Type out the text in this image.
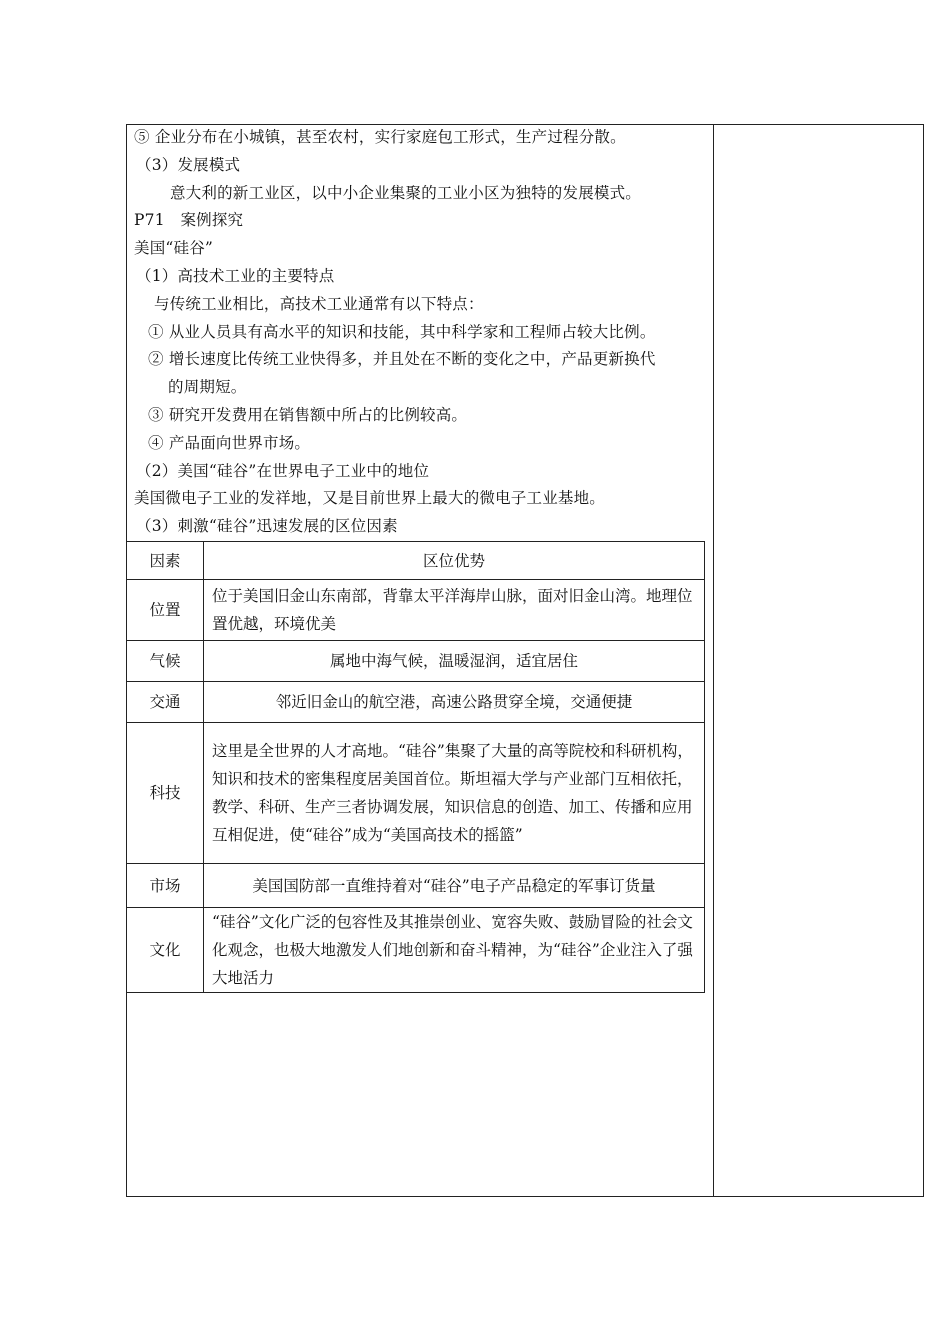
⑤ 企业分布在小城镇，甚至农村，实行家庭包工形式，生产过程分散。
（3）发展模式
意大利的新工业区，以中小企业集聚的工业小区为独特的发展模式。
P71　案例探究
美国“硅谷”
（1）高技术工业的主要特点
与传统工业相比，高技术工业通常有以下特点：
① 从业人员具有高水平的知识和技能，其中科学家和工程师占较大比例。
② 增长速度比传统工业快得多，并且处在不断的变化之中，产品更新换代
的周期短。
③ 研究开发费用在销售额中所占的比例较高。
④ 产品面向世界市场。
（2）美国“硅谷”在世界电子工业中的地位
美国微电子工业的发祥地，又是目前世界上最大的微电子工业基地。
（3）刺激“硅谷”迅速发展的区位因素
因素	区位优势
位置	位于美国旧金山东南部，背靠太平洋海岸山脉，面对旧金山湾。地理位置优越，环境优美
气候	属地中海气候，温暖湿润，适宜居住
交通	邻近旧金山的航空港，高速公路贯穿全境，交通便捷
科技	这里是全世界的人才高地。“硅谷”集聚了大量的高等院校和科研机构，知识和技术的密集程度居美国首位。斯坦福大学与产业部门互相依托，教学、科研、生产三者协调发展，知识信息的创造、加工、传播和应用互相促进，使“硅谷”成为“美国高技术的摇篮”
市场	美国国防部一直维持着对“硅谷”电子产品稳定的军事订货量
文化	“硅谷”文化广泛的包容性及其推崇创业、宽容失败、鼓励冒险的社会文化观念，也极大地激发人们地创新和奋斗精神，为“硅谷”企业注入了强大地活力
